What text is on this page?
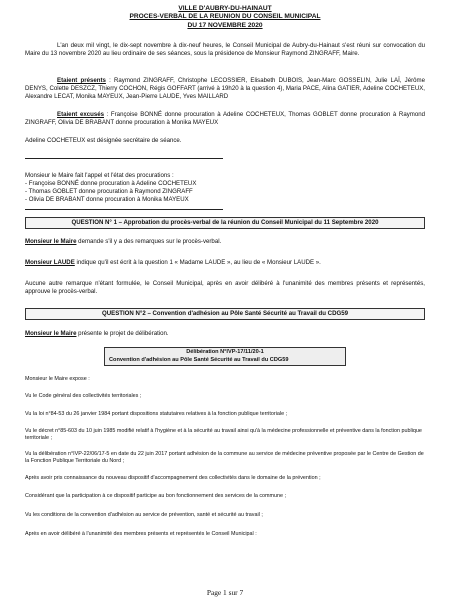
VILLE D'AUBRY-DU-HAINAUT
PROCES-VERBAL DE LA REUNION DU CONSEIL MUNICIPAL
DU 17 NOVEMBRE 2020

L'an deux mil vingt, le dix-sept novembre à dix-neuf heures, le Conseil Municipal de Aubry-du-Hainaut s'est réuni sur convocation du Maire du 13 novembre 2020 au lieu ordinaire de ses séances, sous la présidence de Monsieur Raymond ZINGRAFF, Maire.

Etaient présents : Raymond ZINGRAFF, Christophe LECOSSIER, Elisabeth DUBOIS, Jean-Marc GOSSELIN, Julie LAÏ, Jérôme DENYS, Colette DESZCZ, Thierry COCHON, Régis GOFFART (arrivé à 19h20 à la question 4), Maria PACE, Alina GATIER, Adeline COCHETEUX, Alexandre LECAT, Monika MAYEUX, Jean-Pierre LAUDE, Yves MAILLARD

Etaient excusés : Françoise BONNÉ donne procuration à Adeline COCHETEUX, Thomas GOBLET donne procuration à Raymond ZINGRAFF, Olivia DE BRABANT donne procuration à Monika MAYEUX

Adeline COCHETEUX est désignée secrétaire de séance.

Monsieur le Maire fait l'appel et l'état des procurations :

- Françoise BONNÉ donne procuration à Adeline COCHETEUX
- Thomas GOBLET donne procuration à Raymond ZINGRAFF
- Olivia DE BRABANT donne procuration à Monika MAYEUX
QUESTION N° 1 – Approbation du procès-verbal de la réunion du Conseil Municipal du 11 Septembre 2020

Monsieur le Maire demande s'il y a des remarques sur le procès-verbal.

Monsieur LAUDE indique qu'il est écrit à la question 1 « Madame LAUDE », au lieu de « Monsieur LAUDE ».

Aucune autre remarque n'étant formulée, le Conseil Municipal, après en avoir délibéré à l'unanimité des membres présents et représentés, approuve le procès-verbal.

QUESTION N°2 – Convention d'adhésion au Pôle Santé Sécurité au Travail du CDG59

Monsieur le Maire présente le projet de délibération.

Délibération N°IVP-17/11/20-1
Convention d'adhésion au Pôle Santé Sécurité au Travail du CDG59

Monsieur le Maire expose :

Vu le Code général des collectivités territoriales ;

Vu la loi n°84-53 du 26 janvier 1984 portant dispositions statutaires relatives à la fonction publique territoriale ;

Vu le décret n°85-603 du 10 juin 1985 modifié relatif à l'hygiène et à la sécurité au travail ainsi qu'à la médecine professionnelle et préventive dans la fonction publique territoriale ;

Vu la délibération n°IVP-22/06/17-5 en date du 22 juin 2017 portant adhésion de la commune au service de médecine préventive proposée par le Centre de Gestion de la Fonction Publique Territoriale du Nord ;

Après avoir pris connaissance du nouveau dispositif d'accompagnement des collectivités dans le domaine de la prévention ;

Considérant que la participation à ce dispositif participe au bon fonctionnement des services de la commune ;

Vu les conditions de la convention d'adhésion au service de prévention, santé et sécurité au travail ;

Après en avoir délibéré à l'unanimité des membres présents et représentés le Conseil Municipal :

Page 1 sur 7
